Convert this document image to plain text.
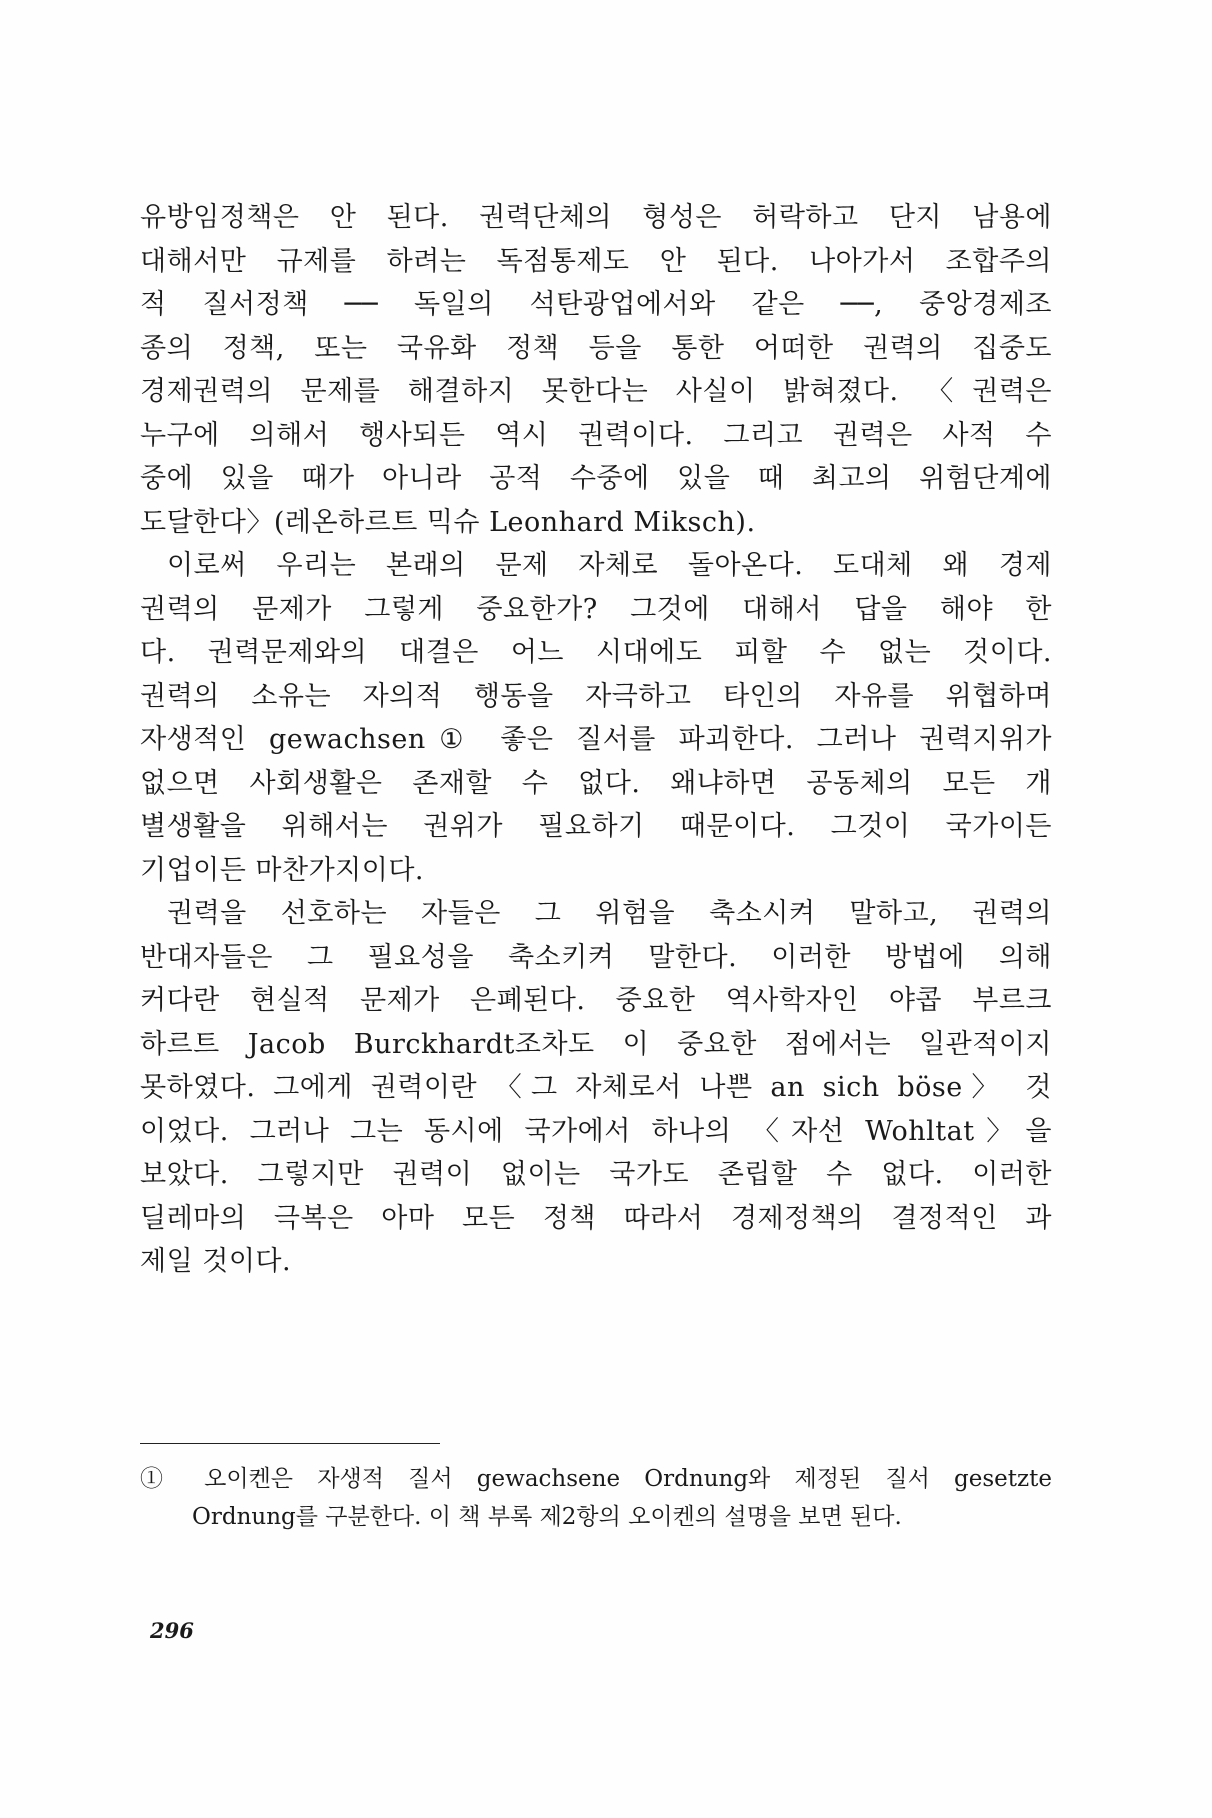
유방임정책은 안 된다. 권력단체의 형성은 허락하고 단지 남용에
대해서만 규제를 하려는 독점통제도 안 된다. 나아가서 조합주의
적 질서정책 ── 독일의 석탄광업에서와 같은 ──, 중앙경제조
종의 정책, 또는 국유화 정책 등을 통한 어떠한 권력의 집중도
경제권력의 문제를 해결하지 못한다는 사실이 밝혀졌다. 〈권력은
누구에 의해서 행사되든 역시 권력이다. 그리고 권력은 사적 수
중에 있을 때가 아니라 공적 수중에 있을 때 최고의 위험단계에
도달한다〉(레온하르트 믹슈 Leonhard Miksch).
이로써 우리는 본래의 문제 자체로 돌아온다. 도대체 왜 경제
권력의 문제가 그렇게 중요한가? 그것에 대해서 답을 해야 한
다. 권력문제와의 대결은 어느 시대에도 피할 수 없는 것이다.
권력의 소유는 자의적 행동을 자극하고 타인의 자유를 위협하며
자생적인 gewachsen① 좋은 질서를 파괴한다. 그러나 권력지위가
없으면 사회생활은 존재할 수 없다. 왜냐하면 공동체의 모든 개
별생활을 위해서는 권위가 필요하기 때문이다. 그것이 국가이든
기업이든 마찬가지이다.
권력을 선호하는 자들은 그 위험을 축소시켜 말하고, 권력의
반대자들은 그 필요성을 축소키켜 말한다. 이러한 방법에 의해
커다란 현실적 문제가 은폐된다. 중요한 역사학자인 야콥 부르크
하르트 Jacob Burckhardt조차도 이 중요한 점에서는 일관적이지
못하였다. 그에게 권력이란 〈그 자체로서 나쁜 an sich böse〉 것
이었다. 그러나 그는 동시에 국가에서 하나의 〈자선 Wohltat〉을
보았다. 그렇지만 권력이 없이는 국가도 존립할 수 없다. 이러한
딜레마의 극복은 아마 모든 정책 따라서 경제정책의 결정적인 과
제일 것이다.
① 오이켄은 자생적 질서 gewachsene Ordnung와 제정된 질서 gesetzte
Ordnung를 구분한다. 이 책 부록 제2항의 오이켄의 설명을 보면 된다.
296
